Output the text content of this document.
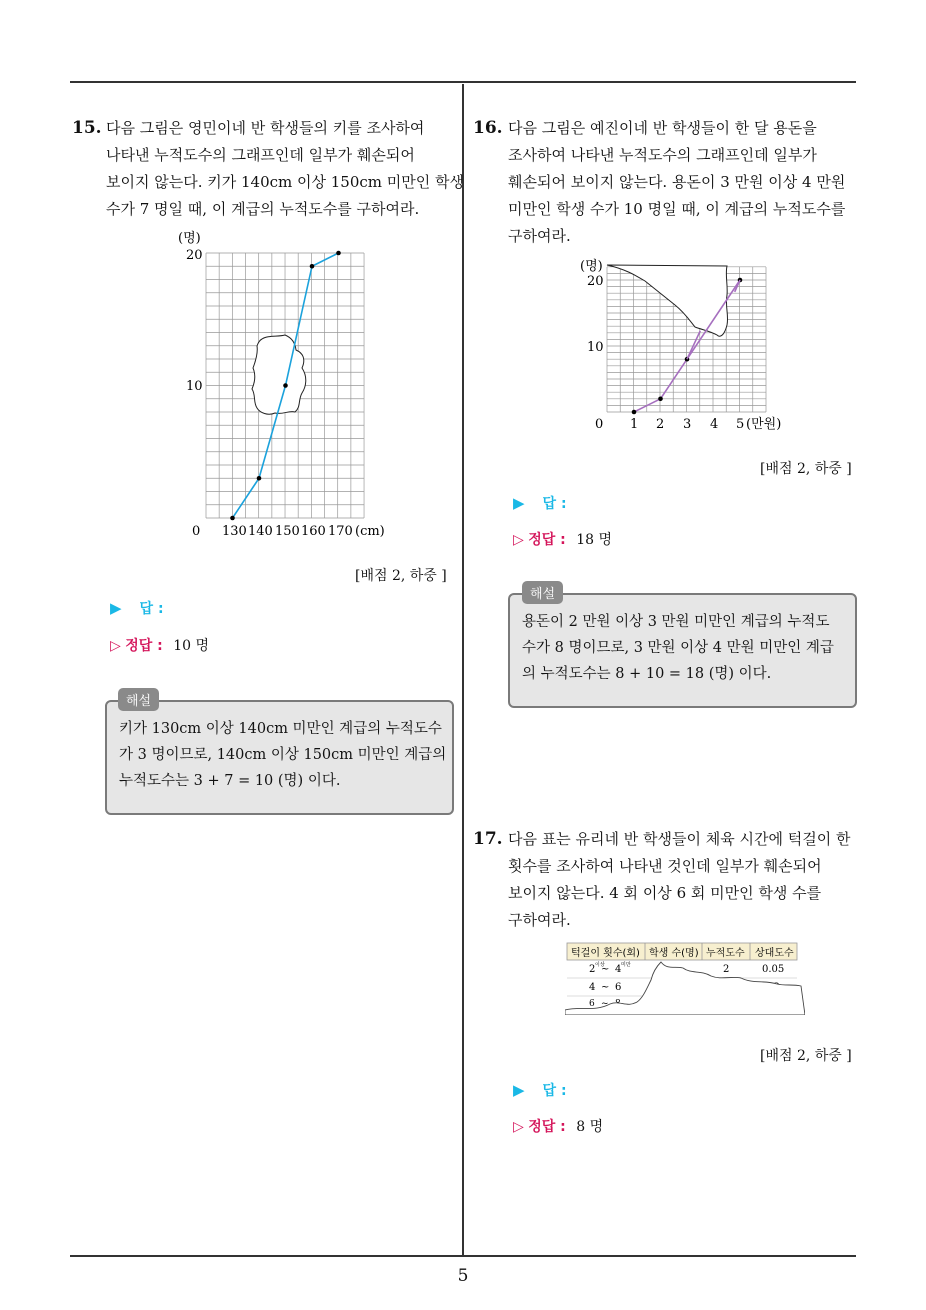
15. 다음 그림은 영민이네 반 학생들의 키를 조사하여
나타낸 누적도수의 그래프인데 일부가 훼손되어
보이지 않는다. 키가 140cm 이상 150cm 미만인 학생
수가 7 명일 때, 이 계급의 누적도수를 구하여라.
(명)
20
10
0 130 140 150 160 170 (cm)
[배점 2, 하중 ]
▶ 답 :
▷ 정답 : 10 명
키가 130cm 이상 140cm 미만인 계급의 누적도수
가 3 명이므로, 140cm 이상 150cm 미만인 계급의
누적도수는 3 + 7 = 10 (명) 이다.
해설
16. 다음 그림은 예진이네 반 학생들이 한 달 용돈을
조사하여 나타낸 누적도수의 그래프인데 일부가
훼손되어 보이지 않는다. 용돈이 3 만원 이상 4 만원
미만인 학생 수가 10 명일 때, 이 계급의 누적도수를
구하여라.
(명)
20
10
0 1 2 3 4 5 (만원)
[배점 2, 하중 ]
▶ 답 :
▷ 정답 : 18 명
용돈이 2 만원 이상 3 만원 미만인 계급의 누적도
수가 8 명이므로, 3 만원 이상 4 만원 미만인 계급
의 누적도수는 8 + 10 = 18 (명) 이다.
해설
17. 다음 표는 유리네 반 학생들이 체육 시간에 턱걸이 한
횟수를 조사하여 나타낸 것인데 일부가 훼손되어
보이지 않는다. 4 회 이상 6 회 미만인 학생 수를
구하여라.
턱걸이 횟수(회) 학생 수(명) 누적도수 상대도수
2 이상
~ 4 미만	2	0.05
4 ~ 6
6 ~
[배점 2, 하중 ]
▶ 답 :
▷ 정답 : 8 명
5
